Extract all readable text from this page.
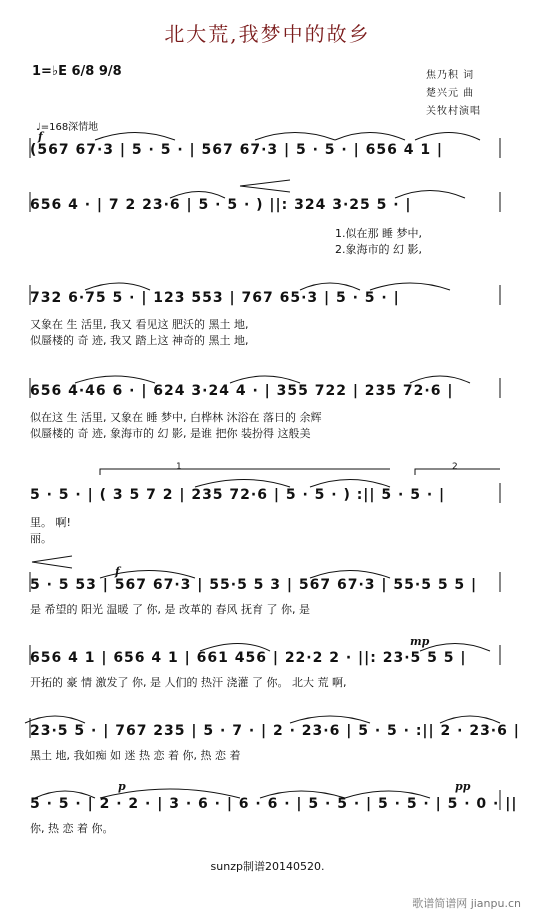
北大荒,我梦中的故乡
1=♭E 6/8 9/8	焦乃积 词
楚兴元 曲
关牧村演唱
♩=168深情地
f
f
mp
p	pp
1	2
(567 67·3 | 5 · 5 · | 567 67·3 | 5 · 5 · | 656 4 1 |
656 4 · | 7 2 23·6 | 5 · 5 · ) ||: 324 3·25 5 · |
1.似在那 睡 梦中,
2.象海市的 幻 影,
732 6·75 5 · | 123 553 | 767 65·3 | 5 · 5 · |
又象在 生 活里, 我又 看见这 肥沃的 黑土 地,
似蜃楼的 奇 迹, 我又 踏上这 神奇的 黑土 地,
656 4·46 6 · | 624 3·24 4 · | 355 722 | 235 72·6 |
似在这 生 活里, 又象在 睡 梦中, 白桦林 沐浴在 落日的 余辉
似蜃楼的 奇 迹, 象海市的 幻 影, 是谁 把你 装扮得 这般美
5 · 5 · | ( 3 5 7 2 | 235 72·6 | 5 · 5 · ) :|| 5 · 5 · |
里。 啊!
丽。
5 · 5 53 | 567 67·3 | 55·5 5 3 | 567 67·3 | 55·5 5 5 |
是 希望的 阳光 温暖 了 你, 是 改革的 春风 抚育 了 你, 是
656 4 1 | 656 4 1 | 661 456 | 22·2 2 · ||: 23·5 5 5 |
开拓的 豪 情 激发了 你, 是 人们的 热汗 浇灌 了 你。 北大 荒 啊,
23·5 5 · | 767 235 | 5 · 7 · | 2 · 23·6 | 5 · 5 · :|| 2 · 23·6 |
黑土 地, 我如痴 如 迷 热 恋 着 你, 热 恋 着
5 · 5 · | 2 · 2 · | 3 · 6 · | 6 · 6 · | 5 · 5 · | 5 · 5 · | 5 · 0 · ||
你, 热 恋 着 你。
sunzp制谱20140520.
歌谱简谱网 jianpu.cn
